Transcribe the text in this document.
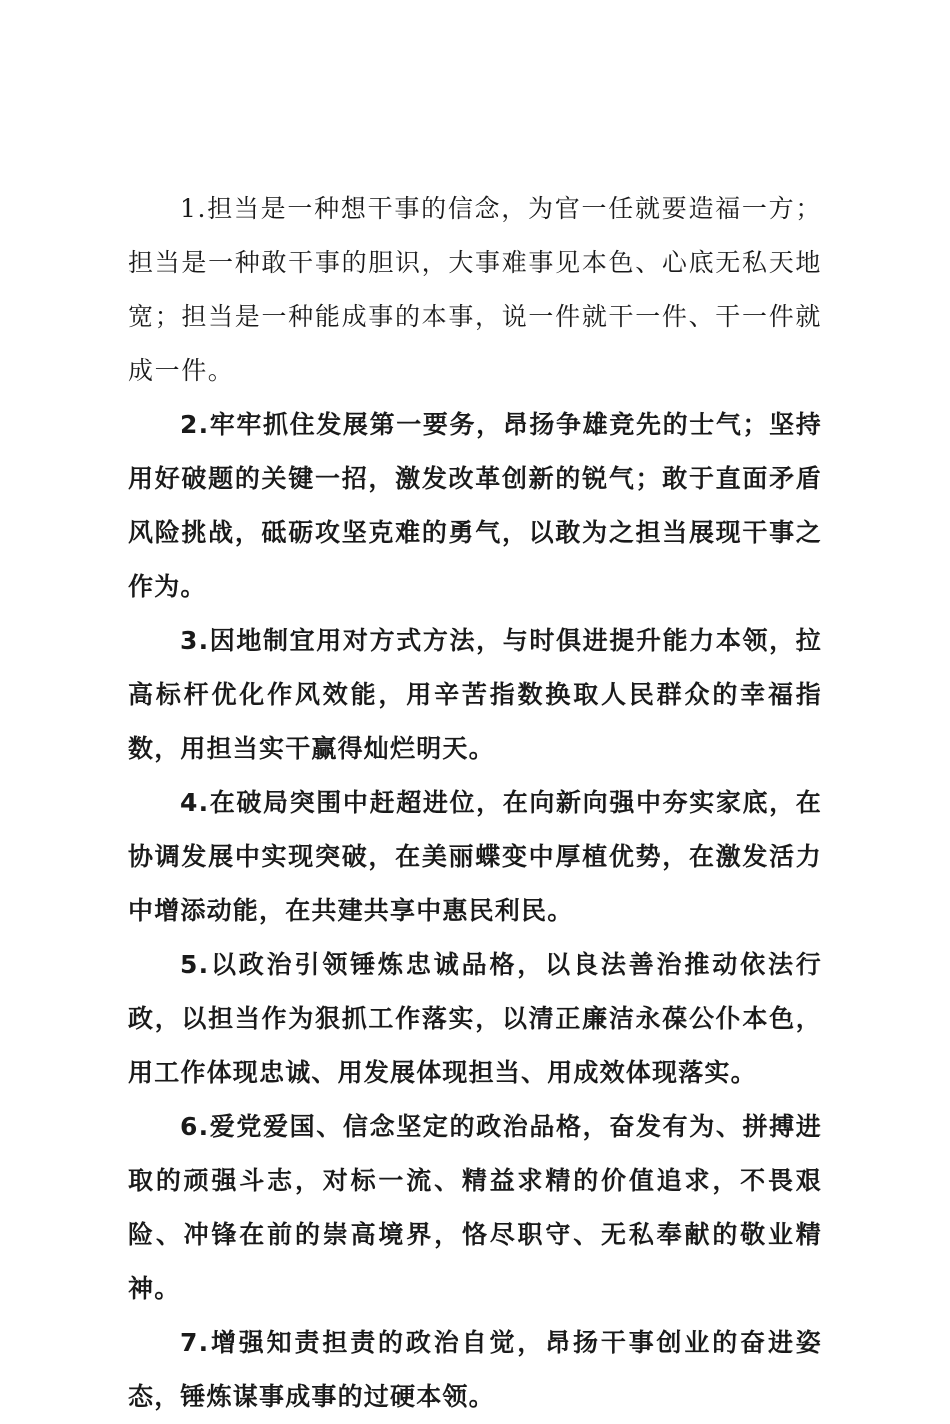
1.担当是一种想干事的信念，为官一任就要造福一方；担当是一种敢干事的胆识，大事难事见本色、心底无私天地宽；担当是一种能成事的本事，说一件就干一件、干一件就成一件。

2.牢牢抓住发展第一要务，昂扬争雄竞先的士气；坚持用好破题的关键一招，激发改革创新的锐气；敢于直面矛盾风险挑战，砥砺攻坚克难的勇气，以敢为之担当展现干事之作为。

3.因地制宜用对方式方法，与时俱进提升能力本领，拉高标杆优化作风效能，用辛苦指数换取人民群众的幸福指数，用担当实干赢得灿烂明天。

4.在破局突围中赶超进位，在向新向强中夯实家底，在协调发展中实现突破，在美丽蝶变中厚植优势，在激发活力中增添动能，在共建共享中惠民利民。

5.以政治引领锤炼忠诚品格，以良法善治推动依法行政，以担当作为狠抓工作落实，以清正廉洁永葆公仆本色，用工作体现忠诚、用发展体现担当、用成效体现落实。

6.爱党爱国、信念坚定的政治品格，奋发有为、拼搏进取的顽强斗志，对标一流、精益求精的价值追求，不畏艰险、冲锋在前的崇高境界，恪尽职守、无私奉献的敬业精神。

7.增强知责担责的政治自觉，昂扬干事创业的奋进姿态，锤炼谋事成事的过硬本领。
